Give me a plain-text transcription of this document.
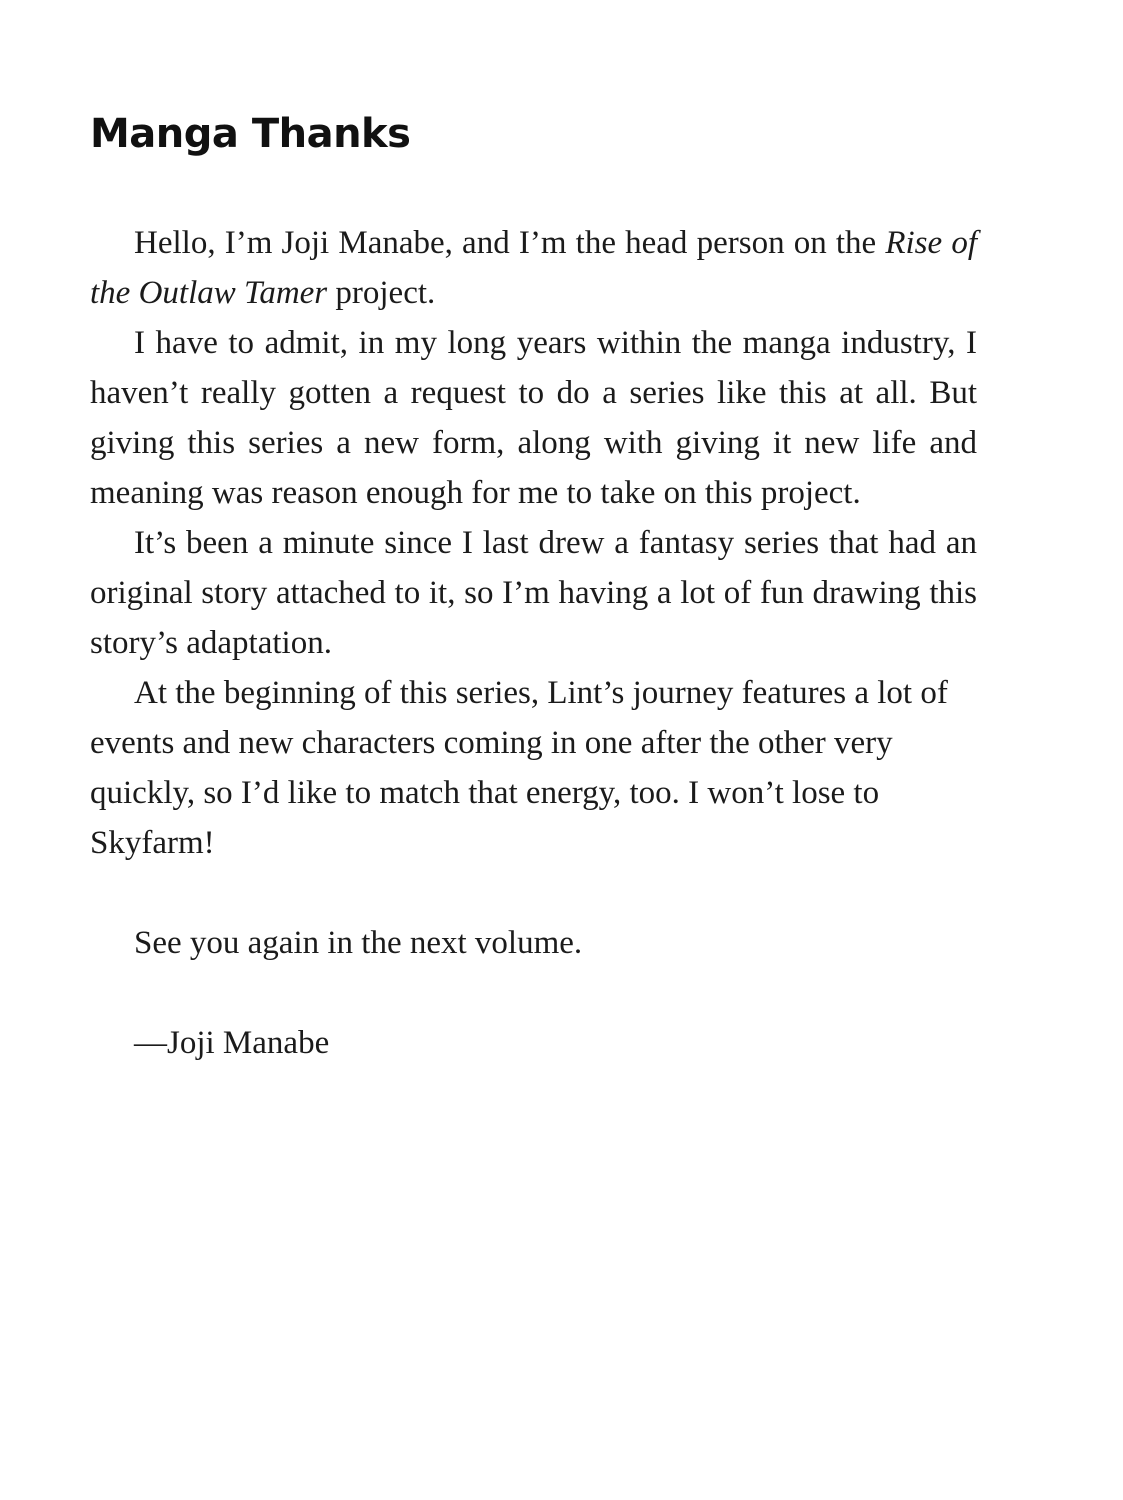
Manga Thanks

Hello, I’m Joji Manabe, and I’m the head person on the Rise of the Outlaw Tamer project.

I have to admit, in my long years within the manga industry, I haven’t really gotten a request to do a series like this at all. But giving this series a new form, along with giving it new life and meaning was reason enough for me to take on this project.

It’s been a minute since I last drew a fantasy series that had an original story attached to it, so I’m having a lot of fun drawing this story’s adaptation.

At the beginning of this series, Lint’s journey features a lot of events and new characters coming in one after the other very quickly, so I’d like to match that energy, too. I won’t lose to Skyfarm!

See you again in the next volume.

—Joji Manabe
